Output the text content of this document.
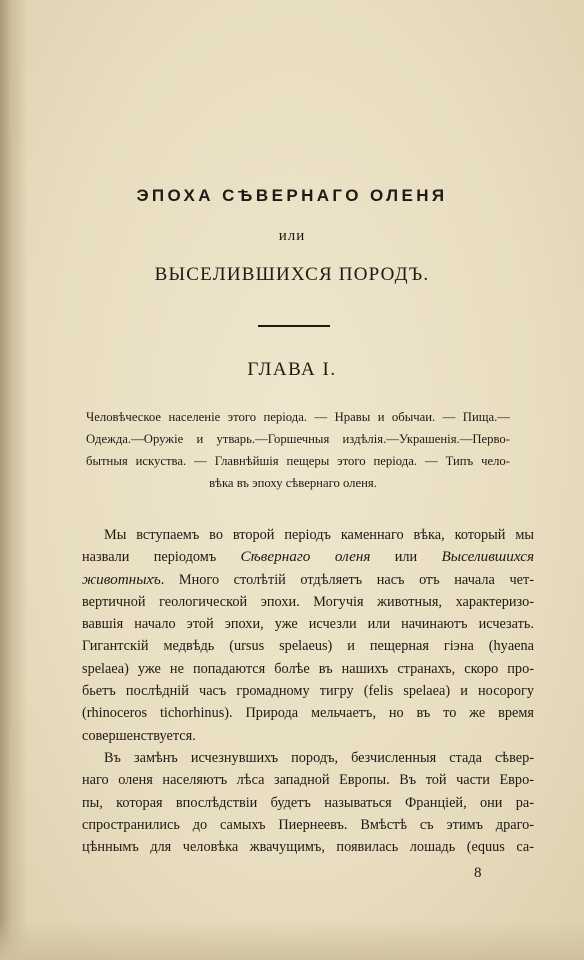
ЭПОХА СѢВЕРНАГО ОЛЕНЯ
или
ВЫСЕЛИВШИХСЯ ПОРОДЪ.
ГЛАВА I.
Человѣческое населеніе этого періода. — Нравы и обычаи. — Пища.—
Одежда.—Оружіе и утварь.—Горшечныя издѣлія.—Украшенія.—Перво-
бытныя искуства. — Главнѣйшія пещеры этого періода. — Типъ чело-
вѣка въ эпоху сѣвернаго оленя.
Мы вступаемъ во второй періодъ каменнаго вѣка, который мы
назвали періодомъ Сѣвернаго оленя или Выселившихся
животныхъ. Много столѣтій отдѣляетъ насъ отъ начала чет-
вертичной геологической эпохи. Могучія животныя, характеризо-
вавшія начало этой эпохи, уже исчезли или начинаютъ исчезать.
Гигантскій медвѣдь (ursus spelaeus) и пещерная гіэна (hyaena
spelaea) уже не попадаются болѣе въ нашихъ странахъ, скоро про-
бьетъ послѣдній часъ громадному тигру (felis spelaea) и носорогу
(rhinoceros tichorhinus). Природа мельчаетъ, но въ то же время
совершенствуется.
Въ замѣнъ исчезнувшихъ породъ, безчисленныя стада сѣвер-
наго оленя населяютъ лѣса западной Европы. Въ той части Евро-
пы, которая впослѣдствіи будетъ называться Франціей, они ра-
спространились до самыхъ Пиернеевъ. Вмѣстѣ съ этимъ драго-
цѣннымъ для человѣка жвачущимъ, появилась лошадь (equus са-
8
